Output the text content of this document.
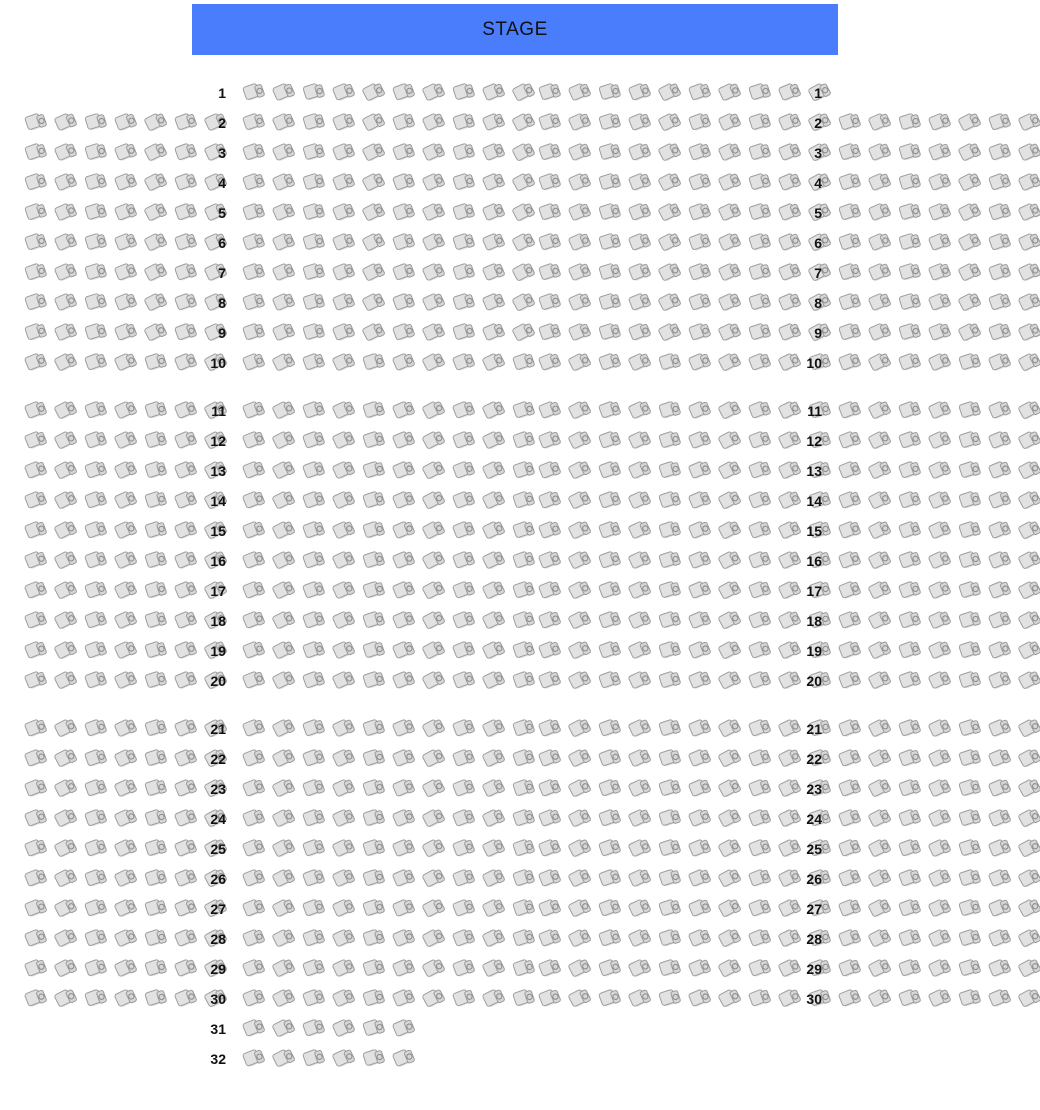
STAGE
1	1
2	2
3	3
4	4
5	5
6	6
7	7
8	8
9	9
10	10
11	11
12	12
13	13
14	14
15	15
16	16
17	17
18	18
19	19
20	20
21	21
22	22
23	23
24	24
25	25
26	26
27	27
28	28
29	29
30	30
31
32
